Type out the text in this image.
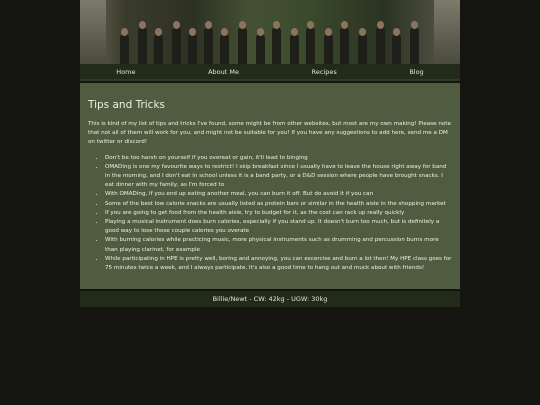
Home	About Me	Recipes	Blog
Tips and Tricks

This is kind of my list of tips and tricks I've found, some might be from other websites, but most are my own making! Please note that not all of them will work for you, and might not be suitable for you! If you have any suggestions to add here, send me a DM on twitter or discord!

• Don't be too harsh on yourself if you overeat or gain, it'll lead to binging
• OMADing is one my favourite ways to restrict! I skip breakfast since I usually have to leave the house right away for band in the morning, and I don't eat in school unless it is a band party, or a D&D session where people have brought snacks. I eat dinner with my family, as I'm forced to
• With OMADing, if you end up eating another meal, you can burn it off. But do avoid it if you can
• Some of the best low calorie snacks are usually listed as protein bars or similar in the health aisle in the shopping market
• If you are going to get food from the health aisle, try to budget for it, as the cost can rack up really quickly
• Playing a musical instrument does burn calories, especially if you stand up. It doesn't burn too much, but is definitely a good way to lose those couple calories you overate
• With burning calories while practicing music, more physical instruments such as drumming and percussion burns more than playing clarinet, for example
• While participating in HPE is pretty well, boring and annoying, you can excercise and burn a lot then! My HPE class goes for 75 minutes twice a week, and I always participate. It's also a good time to hang out and muck about with friends!
Billie/Newt - CW: 42kg - UGW: 30kg
